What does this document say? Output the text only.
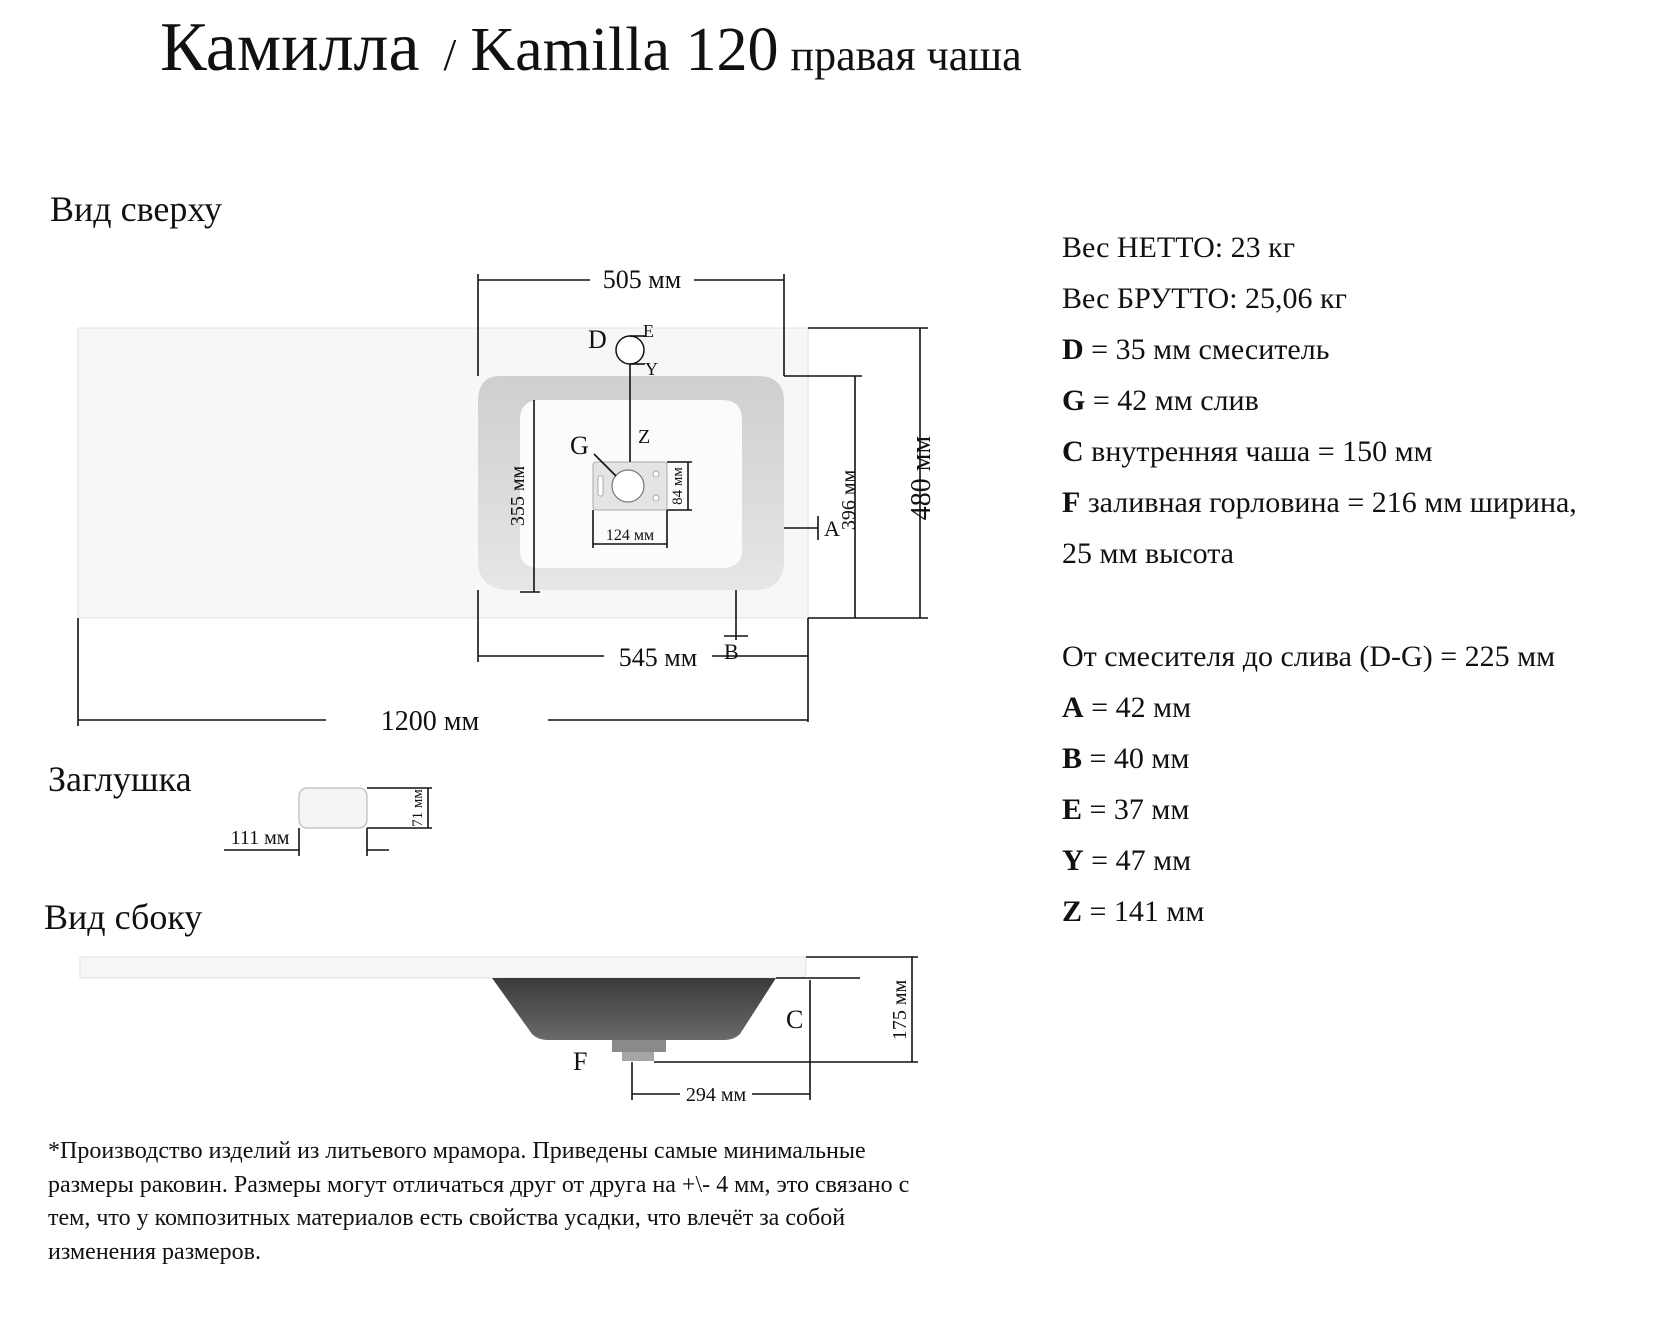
Камилла / Kamilla 120 правая чаша
Вид сверху
Заглушка
Вид сбоку
505 мм
545 мм
1200 мм
480 мм
396 мм
355 мм
124 мм
84 мм
D E
Y
Z
G
A
B
71 мм
111 мм
175 мм
C
F
294 мм
Вес НЕТТО: 23 кг
Вес БРУТТО: 25,06 кг
D = 35 мм смеситель
G = 42 мм слив
C внутренняя чаша = 150 мм
F заливная горловина = 216 мм ширина,
25 мм высота
От смесителя до слива (D-G) = 225 мм
A = 42 мм
B = 40 мм
E = 37 мм
Y = 47 мм
Z = 141 мм
*Производство изделий из литьевого мрамора. Приведены самые минимальные размеры раковин. Размеры могут отличаться друг от друга на +\- 4 мм, это связано с тем, что у композитных материалов есть свойства усадки, что влечёт за собой изменения размеров.
